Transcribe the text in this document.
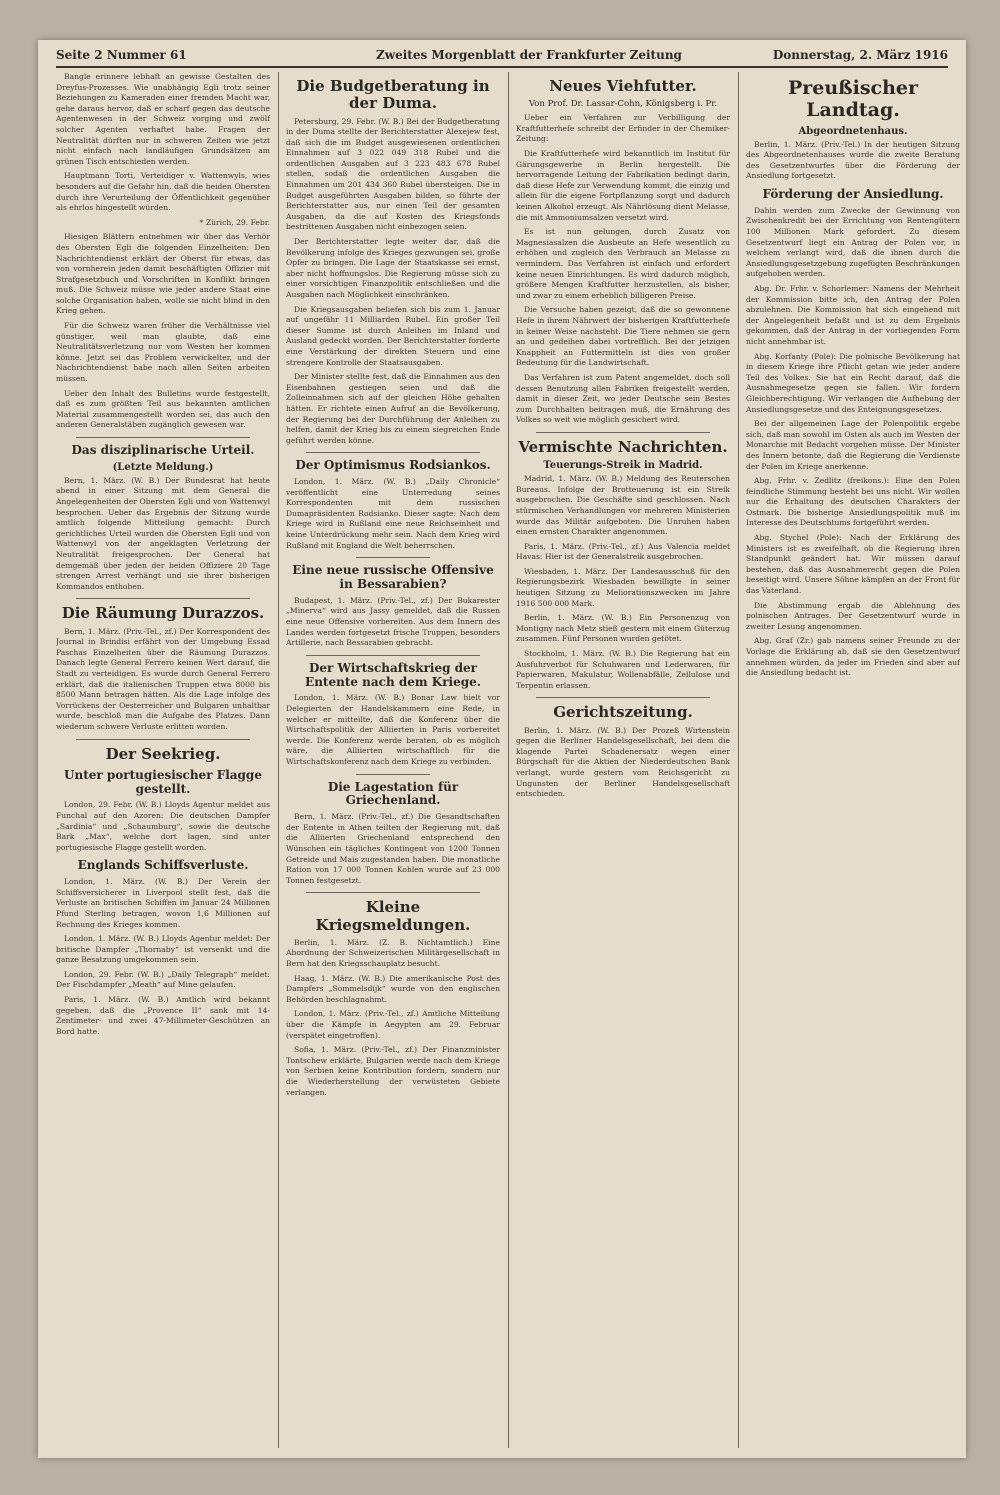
Seite 2 Nummer 61	Zweites Morgenblatt der Frankfurter Zeitung	Donnerstag, 2. März 1916

Bangle erinnere lebhaft an gewisse Gestalten des Dreyfus-Prozesses. Wie unabhängig Egli trotz seiner Beziehungen zu Kameraden einer fremden Macht war, gehe daraus hervor, daß er scharf gegen das deutsche Agentenwesen in der Schweiz vorging und zwölf solcher Agenten verhaftet habe. Fragen der Neutralität dürften nur in schweren Zeiten wie jetzt nicht einfach nach landläufigen Grundsätzen am grünen Tisch entschieden werden.

Hauptmann Torti, Verteidiger v. Wattenwyls, wies besonders auf die Gefahr hin, daß die beiden Obersten durch ihre Verurteilung der Öffentlichkeit gegenüber als ehrlos hingestellt würden.

* Zürich, 29. Febr.

Hiesigen Blättern entnehmen wir über das Verhör des Obersten Egli die folgenden Einzelheiten: Den Nachrichtendienst erklärt der Oberst für etwas, das von vornherein jeden damit beschäftigten Offizier mit Strafgesetzbuch und Vorschriften in Konflikt bringen muß. Die Schweiz müsse wie jeder andere Staat eine solche Organisation haben, wolle sie nicht blind in den Krieg gehen.

Für die Schweiz waren früher die Verhältnisse viel günstiger, weil man glaubte, daß eine Neutralitätsverletzung nur vom Westen her kommen könne. Jetzt sei das Problem verwickelter, und der Nachrichtendienst habe nach allen Seiten arbeiten müssen.

Ueber den Inhalt des Bulletins wurde festgestellt, daß es zum größten Teil aus bekannten amtlichen Material zusammengestellt worden sei, das auch den anderen Generalstäben zugänglich gewesen war.

Das disziplinarische Urteil.
(Letzte Meldung.)

Bern, 1. März. (W. B.) Der Bundesrat hat heute abend in einer Sitzung mit dem General die Angelegenheiten der Obersten Egli und von Wattenwyl besprochen. Ueber das Ergebnis der Sitzung wurde amtlich folgende Mitteilung gemacht: Durch gerichtliches Urteil wurden die Obersten Egli und von Wattenwyl von der angeklagten Verletzung der Neutralität freigesprochen. Der General hat demgemäß über jeden der beiden Offiziere 20 Tage strengen Arrest verhängt und sie ihrer bisherigen Kommandos enthoben.

Die Räumung Durazzos.

Bern, 1. März. (Priv.-Tel., zf.) Der Korrespondent des Journal in Brindisi erfährt von der Umgebung Essad Paschas Einzelheiten über die Räumung Durazzos. Danach legte General Ferrero keinen Wert darauf, die Stadt zu verteidigen. Es wurde durch General Ferrero erklärt, daß die italienischen Truppen etwa 8000 bis 8500 Mann betragen hätten. Als die Lage infolge des Vorrückens der Oesterreicher und Bulgaren unhaltbar wurde, beschloß man die Aufgabe des Platzes. Dann wiederum schwere Verluste erlitten worden.

Der Seekrieg.
Unter portugiesischer Flagge gestellt.

London, 29. Febr. (W. B.) Lloyds Agentur meldet aus Funchal auf den Azoren: Die deutschen Dampfer „Sardinia“ und „Schaumburg“, sowie die deutsche Bark „Max“, welche dort lagen, sind unter portugiesische Flagge gestellt worden.

Englands Schiffsverluste.

London, 1. März. (W. B.) Der Verein der Schiffsversicherer in Liverpool stellt fest, daß die Verluste an britischen Schiffen im Januar 24 Millionen Pfund Sterling betragen, wovon 1,6 Millionen auf Rechnung des Krieges kommen.

London, 1. März. (W. B.) Lloyds Agentur meldet: Der britische Dampfer „Thornaby“ ist versenkt und die ganze Besatzung umgekommen sein.

London, 29. Febr. (W. B.) „Daily Telegraph“ meldet: Der Fischdampfer „Meath“ auf Mine gelaufen.

Paris, 1. März. (W. B.) Amtlich wird bekannt gegeben, daß die „Provence II“ sank mit 14-Zentimeter- und zwei 47-Millimeter-Geschützen an Bord hatte.

Die Budgetberatung in der Duma.

Petersburg, 29. Febr. (W. B.) Bei der Budgetberatung in der Duma stellte der Berichterstatter Alexejew fest, daß sich die im Budget ausgewiesenen ordentlichen Einnahmen auf 3 022 049 318 Rubel und die ordentlichen Ausgaben auf 3 223 483 678 Rubel stellen, sodaß die ordentlichen Ausgaben die Einnahmen um 201 434 360 Rubel übersteigen. Die in Budget ausgeführten Ausgaben bilden, so führte der Berichterstatter aus, nur einen Teil der gesamten Ausgaben, da die auf Kosten des Kriegsfonds bestrittenen Ausgaben nicht einbezogen seien.

Der Berichterstatter legte weiter dar, daß die Bevölkerung infolge des Krieges gezwungen sei, große Opfer zu bringen. Die Lage der Staatskasse sei ernst, aber nicht hoffnungslos. Die Regierung müsse sich zu einer vorsichtigen Finanzpolitik entschließen und die Ausgaben nach Möglichkeit einschränken.

Die Kriegsausgaben beliefen sich bis zum 1. Januar auf ungefähr 11 Milliarden Rubel. Ein großer Teil dieser Summe ist durch Anleihen im Inland und Ausland gedeckt worden. Der Berichterstatter forderte eine Verstärkung der direkten Steuern und eine strengere Kontrolle der Staatsausgaben.

Der Minister stellte fest, daß die Einnahmen aus den Eisenbahnen gestiegen seien und daß die Zolleinnahmen sich auf der gleichen Höhe gehalten hätten. Er richtete einen Aufruf an die Bevölkerung, der Regierung bei der Durchführung der Anleihen zu helfen, damit der Krieg bis zu einem siegreichen Ende geführt werden könne.

Der Optimismus Rodsiankos.

London, 1. März. (W. B.) „Daily Chronicle“ veröffentlicht eine Unterredung seines Korrespondenten mit dem russischen Dumapräsidenten Rodsianko. Dieser sagte: Nach dem Kriege wird in Rußland eine neue Reichseinheit und keine Unterdrückung mehr sein. Nach dem Krieg wird Rußland mit England die Welt beherrschen.

Eine neue russische Offensive in Bessarabien?

Budapest, 1. März. (Priv.-Tel., zf.) Der Bukarester „Minerva“ wird aus Jassy gemeldet, daß die Russen eine neue Offensive vorbereiten. Aus dem Innern des Landes werden fortgesetzt frische Truppen, besonders Artillerie, nach Bessarabien gebracht.

Der Wirtschaftskrieg der Entente nach dem Kriege.

London, 1. März. (W. B.) Bonar Law hielt vor Delegierten der Handelskammern eine Rede, in welcher er mitteilte, daß die Konferenz über die Wirtschaftspolitik der Alliierten in Paris vorbereitet werde. Die Konferenz werde beraten, ob es möglich wäre, die Alliierten wirtschaftlich für die Wirtschaftskonferenz nach dem Kriege zu verbinden.

Die Lagestation für Griechenland.

Bern, 1. März. (Priv.-Tel., zf.) Die Gesandtschaften der Entente in Athen teilten der Regierung mit, daß die Alliierten Griechenland entsprechend den Wünschen ein tägliches Kontingent von 1200 Tonnen Getreide und Mais zugestanden haben. Die monatliche Ration von 17 000 Tonnen Kohlen wurde auf 23 000 Tonnen festgesetzt.

Kleine Kriegsmeldungen.

Berlin, 1. März. (Z. B. Nichtamtlich.) Eine Abordnung der Schweizerischen Militärgesellschaft in Bern hat den Kriegsschauplatz besucht.

Haag, 1. März. (W. B.) Die amerikanische Post des Dampfers „Sommelsdijk“ wurde von den englischen Behörden beschlagnahmt.

London, 1. März. (Priv.-Tel., zf.) Amtliche Mitteilung über die Kämpfe in Aegypten am 29. Februar (verspätet eingetroffen).

Sofia, 1. März. (Priv.-Tel., zf.) Der Finanzminister Tontschew erklärte, Bulgarien werde nach dem Kriege von Serbien keine Kontribution fordern, sondern nur die Wiederherstellung der verwüsteten Gebiete verlangen.

Neues Viehfutter.
Von Prof. Dr. Lassar-Cohn, Königsberg i. Pr.

Ueber ein Verfahren zur Verbilligung der Kraftfutterhefe schreibt der Erfinder in der Chemiker-Zeitung:

Die Kraftfutterhefe wird bekanntlich im Institut für Gärungsgewerbe in Berlin hergestellt. Die hervorragende Leitung der Fabrikation bedingt darin, daß diese Hefe zur Verwendung kommt, die einzig und allein für die eigene Fortpflanzung sorgt und dadurch keinen Alkohol erzeugt. Als Nährlösung dient Melasse, die mit Ammoniumsalzen versetzt wird.

Es ist nun gelungen, durch Zusatz von Magnesiasalzen die Ausbeute an Hefe wesentlich zu erhöhen und zugleich den Verbrauch an Melasse zu vermindern. Das Verfahren ist einfach und erfordert keine neuen Einrichtungen. Es wird dadurch möglich, größere Mengen Kraftfutter herzustellen, als bisher, und zwar zu einem erheblich billigeren Preise.

Die Versuche haben gezeigt, daß die so gewonnene Hefe in ihrem Nährwert der bisherigen Kraftfutterhefe in keiner Weise nachsteht. Die Tiere nehmen sie gern an und gedeihen dabei vortrefflich. Bei der jetzigen Knappheit an Futtermitteln ist dies von großer Bedeutung für die Landwirtschaft.

Das Verfahren ist zum Patent angemeldet, doch soll dessen Benutzung allen Fabriken freigestellt werden, damit in dieser Zeit, wo jeder Deutsche sein Bestes zum Durchhalten beitragen muß, die Ernährung des Volkes so weit wie möglich gesichert wird.

Vermischte Nachrichten.
Teuerungs-Streik in Madrid.

Madrid, 1. März. (W. B.) Meldung des Reuterschen Bureaus. Infolge der Brotteuerung ist ein Streik ausgebrochen. Die Geschäfte sind geschlossen. Nach stürmischen Verhandlungen vor mehreren Ministerien wurde das Militär aufgeboten. Die Unruhen haben einen ernsten Charakter angenommen.

Paris, 1. März. (Priv.-Tel., zf.) Aus Valencia meldet Havas: Hier ist der Generalstreik ausgebrochen.

Wiesbaden, 1. März. Der Landesausschuß für den Regierungsbezirk Wiesbaden bewilligte in seiner heutigen Sitzung zu Meliorationszwecken im Jahre 1916 500 000 Mark.

Berlin, 1. März. (W. B.) Ein Personenzug von Montigny nach Metz stieß gestern mit einem Güterzug zusammen. Fünf Personen wurden getötet.

Stockholm, 1. März. (W. B.) Die Regierung hat ein Ausfuhrverbot für Schuhwaren und Lederwaren, für Papierwaren, Makulatur, Wollenabfälle, Zellulose und Terpentin erlassen.

Gerichtszeitung.

Berlin, 1. März. (W. B.) Der Prozeß Wirtenstein gegen die Berliner Handelsgesellschaft, bei dem die klagende Partei Schadenersatz wegen einer Bürgschaft für die Aktien der Niederdeutschen Bank verlangt, wurde gestern vom Reichsgericht zu Ungunsten der Berliner Handelsgesellschaft entschieden.

Preußischer Landtag.
Abgeordnetenhaus.

Berlin, 1. März. (Priv.-Tel.) In der heutigen Sitzung des Abgeordnetenhauses wurde die zweite Beratung des Gesetzentwurfes über die Förderung der Ansiedlung fortgesetzt.

Förderung der Ansiedlung.

Dahin werden zum Zwecke der Gewinnung von Zwischenkredit bei der Errichtung von Rentengütern 100 Millionen Mark gefordert. Zu diesem Gesetzentwurf liegt ein Antrag der Polen vor, in welchem verlangt wird, daß die ihnen durch die Ansiedlungsgesetzgebung zugefügten Beschränkungen aufgehoben werden.

Abg. Dr. Frhr. v. Schorlemer: Namens der Mehrheit der Kommission bitte ich, den Antrag der Polen abzulehnen. Die Kommission hat sich eingehend mit der Angelegenheit befaßt und ist zu dem Ergebnis gekommen, daß der Antrag in der vorliegenden Form nicht annehmbar ist.

Abg. Korfanty (Pole): Die polnische Bevölkerung hat in diesem Kriege ihre Pflicht getan wie jeder andere Teil des Volkes. Sie hat ein Recht darauf, daß die Ausnahmegesetze gegen sie fallen. Wir fordern Gleichberechtigung. Wir verlangen die Aufhebung der Ansiedlungsgesetze und des Enteignungsgesetzes.

Bei der allgemeinen Lage der Polenpolitik ergebe sich, daß man sowohl im Osten als auch im Westen der Monarchie mit Bedacht vorgehen müsse. Der Minister des Innern betonte, daß die Regierung die Verdienste der Polen im Kriege anerkenne.

Abg. Frhr. v. Zedlitz (freikons.): Eine den Polen feindliche Stimmung besteht bei uns nicht. Wir wollen nur die Erhaltung des deutschen Charakters der Ostmark. Die bisherige Ansiedlungspolitik muß im Interesse des Deutschtums fortgeführt werden.

Abg. Stychel (Pole): Nach der Erklärung des Ministers ist es zweifelhaft, ob die Regierung ihren Standpunkt geändert hat. Wir müssen darauf bestehen, daß das Ausnahmerecht gegen die Polen beseitigt wird. Unsere Söhne kämpfen an der Front für das Vaterland.

Die Abstimmung ergab die Ablehnung des polnischen Antrages. Der Gesetzentwurf wurde in zweiter Lesung angenommen.

Abg. Graf (Zr.) gab namens seiner Freunde zu der Vorlage die Erklärung ab, daß sie den Gesetzentwurf annehmen würden, da jeder im Frieden sind aber auf die Ansiedlung bedacht ist.
